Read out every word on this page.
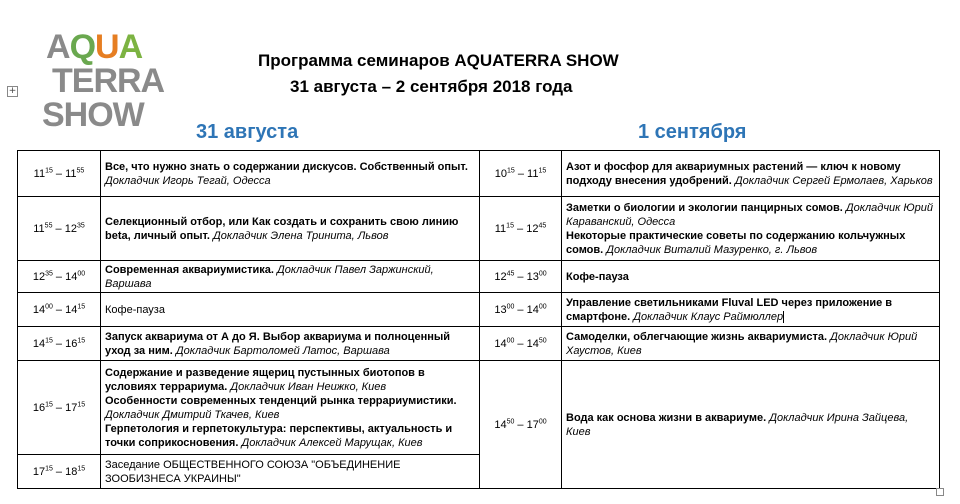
AQUA
TERRA
SHOW
+
Программа семинаров AQUATERRA SHOW
31 августа – 2 сентября 2018 года
31 августа	1 сентября
$11^{15} - 11^{55}$	Все, что нужно знать о содержании дискусов. Собственный опыт. Докладчик Игорь Тегай, Одесса	$10^{15} - 11^{15}$	Азот и фосфор для аквариумных растений — ключ к новому подходу внесения удобрений. Докладчик Сергей Ермолаев, Харьков
$11^{55} - 12^{35}$	Селекционный отбор, или Как создать и сохранить свою линию beta, личный опыт. Докладчик Элена Тринита, Львов	$11^{15} - 12^{45}$	Заметки о биологии и экологии панцирных сомов. Докладчик Юрий Караванский, Одесса
Некоторые практические советы по содержанию кольчужных сомов. Докладчик Виталий Мазуренко, г. Львов
$12^{35} - 14^{00}$	Современная аквариумистика. Докладчик Павел Заржинский, Варшава	$12^{45} - 13^{00}$	Кофе-пауза
$14^{00} - 14^{15}$	Кофе-пауза	$13^{00} - 14^{00}$	Управление светильниками Fluval LED через приложение в смартфоне. Докладчик Клаус Раймюллер
$14^{15} - 16^{15}$	Запуск аквариума от А до Я. Выбор аквариума и полноценный уход за ним. Докладчик Бартоломей Латос, Варшава	$14^{00} - 14^{50}$	Самоделки, облегчающие жизнь аквариумиста. Докладчик Юрий Хаустов, Киев
$16^{15} - 17^{15}$	Содержание и разведение ящериц пустынных биотопов в условиях террариума. Докладчик Иван Неижко, Киев
Особенности современных тенденций рынка террариумистики. Докладчик Дмитрий Ткачев, Киев
Герпетология и герпетокультура: перспективы, актуальность и точки соприкосновения. Докладчик Алексей Марущак, Киев	$14^{50} - 17^{00}$	Вода как основа жизни в аквариуме. Докладчик Ирина Зайцева, Киев
$17^{15} - 18^{15}$	Заседание ОБЩЕСТВЕННОГО СОЮЗА "ОБЪЕДИНЕНИЕ ЗООБИЗНЕСА УКРАИНЫ"		
